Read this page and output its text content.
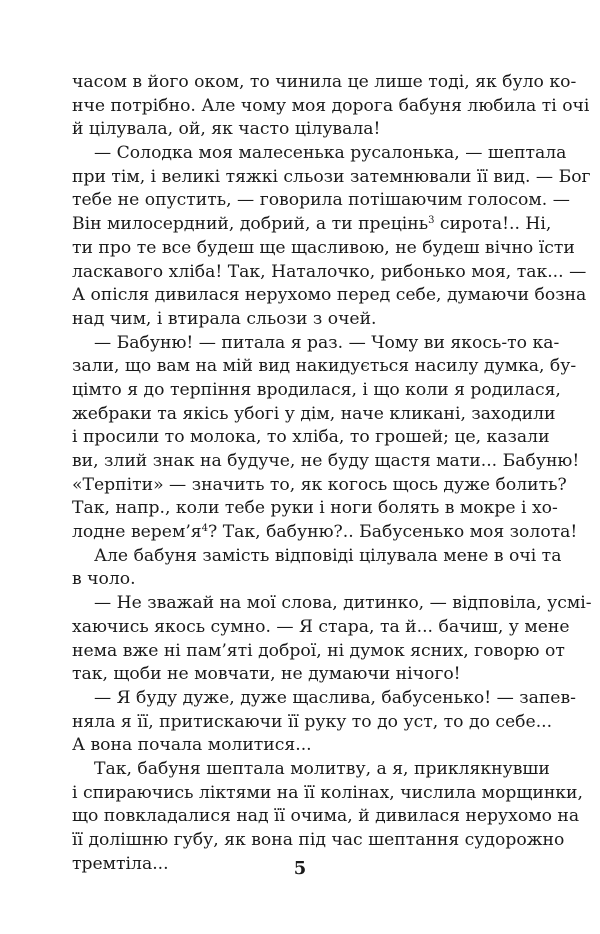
часом в його оком, то чинила це лише тоді, як було ко-
нче потрібно. Але чому моя дорога бабуня любила ті очі
й цілувала, ой, як часто цілувала!
— Солодка моя малесенька русалонька, — шептала
при тім, і великі тяжкі сльози затемнювали її вид. — Бог
тебе не опустить, — говорила потішаючим голосом. —
Він милосердний, добрий, а ти прецінь$^3$ сирота!.. Ні,
ти про те все будеш ще щасливою, не будеш вічно їсти
ласкавого хліба! Так, Наталочко, рибонько моя, так... —
А опісля дивилася нерухомо перед себе, думаючи бозна
над чим, і втирала сльози з очей.
— Бабуню! — питала я раз. — Чому ви якось-то ка-
зали, що вам на мій вид накидується насилу думка, бу-
цімто я до терпіння вродилася, і що коли я родилася,
жебраки та якісь убогі у дім, наче кликані, заходили
і просили то молока, то хліба, то грошей; це, казали
ви, злий знак на будуче, не буду щастя мати... Бабуню!
«Терпіти» — значить то, як когось щось дуже болить?
Так, напр., коли тебе руки і ноги болять в мокре і хо-
лодне $верем’я^4$? Так, бабуню?.. Бабусенько моя золота!
Але бабуня замість відповіді цілувала мене в очі та
в чоло.
— Не зважай на мої слова, дитинко, — відповіла, усмі-
хаючись якось сумно. — Я стара, та й... бачиш, у мене
нема вже ні пам’яті доброї, ні думок ясних, говорю от
так, щоби не мовчати, не думаючи нічого!
— Я буду дуже, дуже щаслива, бабусенько! — запев-
няла я її, притискаючи її руку то до уст, то до себе...
А вона почала молитися...
Так, бабуня шептала молитву, а я, приклякнувши
і спираючись ліктями на її колінах, числила морщинки,
що повкладалися над її очима, й дивилася нерухомо на
її долішню губу, як вона під час шептання судорожно
тремтіла...	5
